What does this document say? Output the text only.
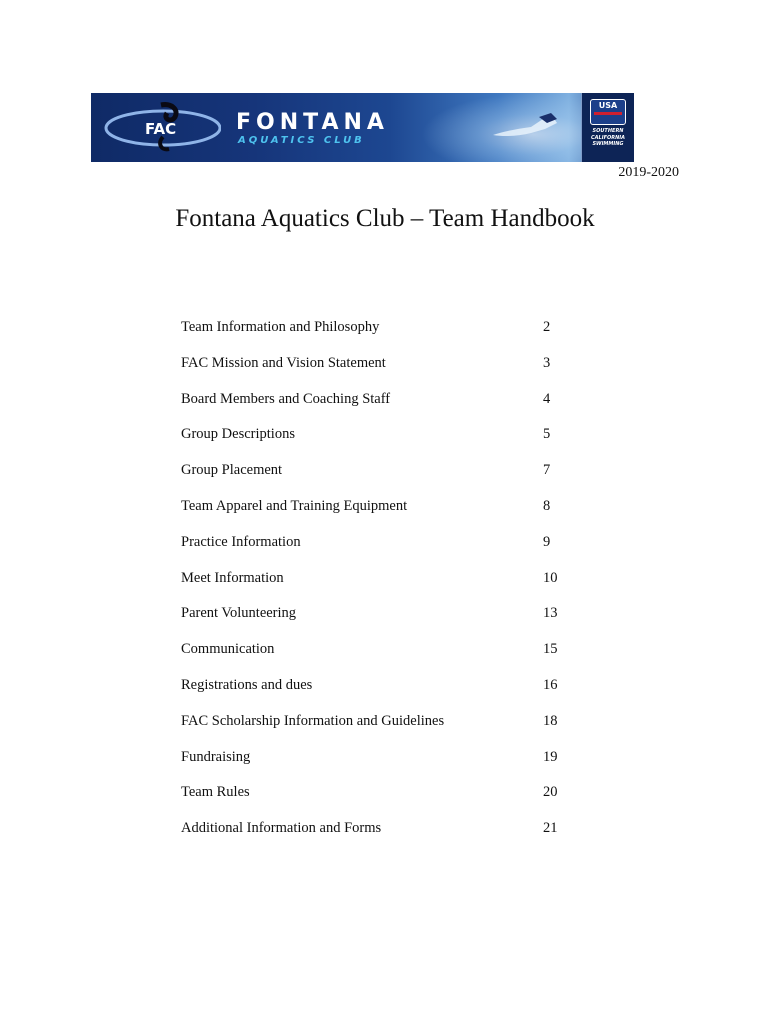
FAC	FONTANA
AQUATICS CLUB
USA
SOUTHERN
CALIFORNIA
SWIMMING
2019-2020
Fontana Aquatics Club – Team Handbook
Team Information and Philosophy	2
FAC Mission and Vision Statement	3
Board Members and Coaching Staff	4
Group Descriptions	5
Group Placement	7
Team Apparel and Training Equipment	8
Practice Information	9
Meet Information	10
Parent Volunteering	13
Communication	15
Registrations and dues	16
FAC Scholarship Information and Guidelines	18
Fundraising	19
Team Rules	20
Additional Information and Forms	21
